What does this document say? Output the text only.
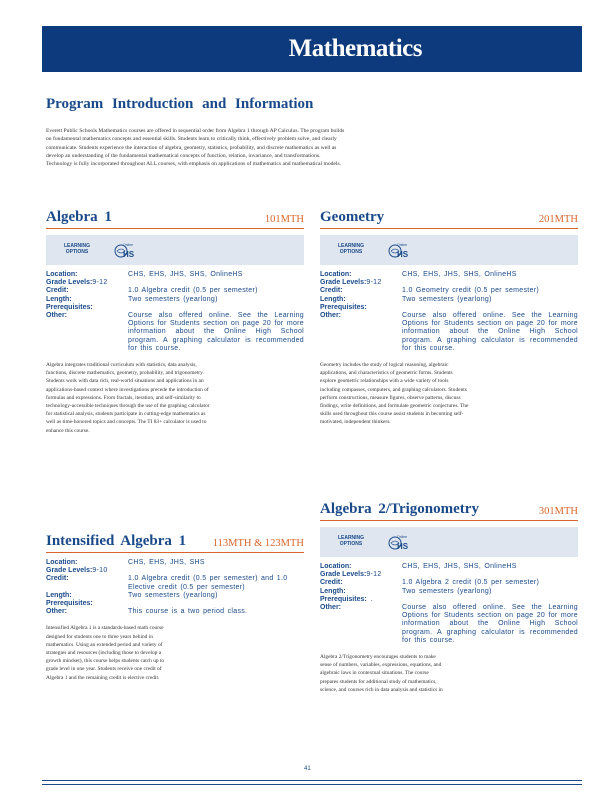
Mathematics
Program Introduction and Information
Everett Public Schools Mathematics courses are offered in sequential order from Algebra 1 through AP Calculus. The program builds on fundamental mathematics concepts and essential skills. Students learn to critically think, effectively problem solve, and clearly communicate. Students experience the interaction of algebra, geometry, statistics, probability, and discrete mathematics as well as develop an understanding of the fundamental mathematical concepts of function, relation, invariance, and transformations. Technology is fully incorporated throughout ALL courses, with emphasis on applications of mathematics and mathematical models.
Algebra 1	101MTH
LEARNING OPTIONS
Online
HS
Location:	CHS, EHS, JHS, SHS, OnlineHS
Grade Levels: 9-12
Credit:	1.0 Algebra credit (0.5 per semester)
Length:	Two semesters (yearlong)
Prerequisites:
Other:	Course also offered online. See the Learning Options for Students section on page 20 for more information about the Online High School program. A graphing calculator is recommended for this course.
Algebra integrates traditional curriculum with statistics, data analysis, functions, discrete mathematics, geometry, probability, and trigonometry. Students work with data rich, real-world situations and applications in an applications-based context where investigations precede the introduction of formulas and expressions. From fractals, iteration, and self-similarity to technology-accessible techniques through the use of the graphing calculator for statistical analysis, students participate in cutting-edge mathematics as well as time-honored topics and concepts. The TI 83+ calculator is used to enhance this course.
Intensified Algebra 1	113MTH & 123MTH
Location:	CHS, EHS, JHS, SHS
Grade Levels: 9-10
Credit:	1.0 Algebra credit (0.5 per semester) and 1.0 Elective credit (0.5 per semester)
Length:	Two semesters (yearlong)
Prerequisites:
Other:	This course is a two period class.
Intensified Algebra 1 is a standards-based math course designed for students one to three years behind in mathematics. Using an extended period and variety of strategies and resources (including those to develop a growth mindset), this course helps students catch up to grade level in one year. Students receive one credit of Algebra 1 and the remaining credit is elective credit.
Geometry	201MTH
LEARNING OPTIONS
Online
HS
Location:	CHS, EHS, JHS, SHS, OnlineHS
Grade Levels: 9-12
Credit:	1.0 Geometry credit (0.5 per semester)
Length:	Two semesters (yearlong)
Prerequisites:
Other:	Course also offered online. See the Learning Options for Students section on page 20 for more information about the Online High School program. A graphing calculator is recommended for this course.
Geometry includes the study of logical reasoning, algebraic applications, and characteristics of geometric forms. Students explore geometric relationships with a wide variety of tools including compasses, computers, and graphing calculators. Students perform constructions, measure figures, observe patterns, discuss findings, write definitions, and formulate geometric conjectures. The skills used throughout this course assist students in becoming self-motivated, independent thinkers.
Algebra 2/Trigonometry	301MTH
LEARNING OPTIONS
Online
HS
Location:	CHS, EHS, JHS, SHS, OnlineHS
Grade Levels: 9-12
Credit:	1.0 Algebra 2 credit (0.5 per semester)
Length:	Two semesters (yearlong)
Prerequisites: .
Other:	Course also offered online. See the Learning Options for Students section on page 20 for more information about the Online High School program. A graphing calculator is recommended for this course.
Algebra 2/Trigonometry encourages students to make sense of numbers, variables, expressions, equations, and algebraic laws in contextual situations. The course prepares students for additional study of mathematics, science, and courses rich in data analysis and statistics in
41
